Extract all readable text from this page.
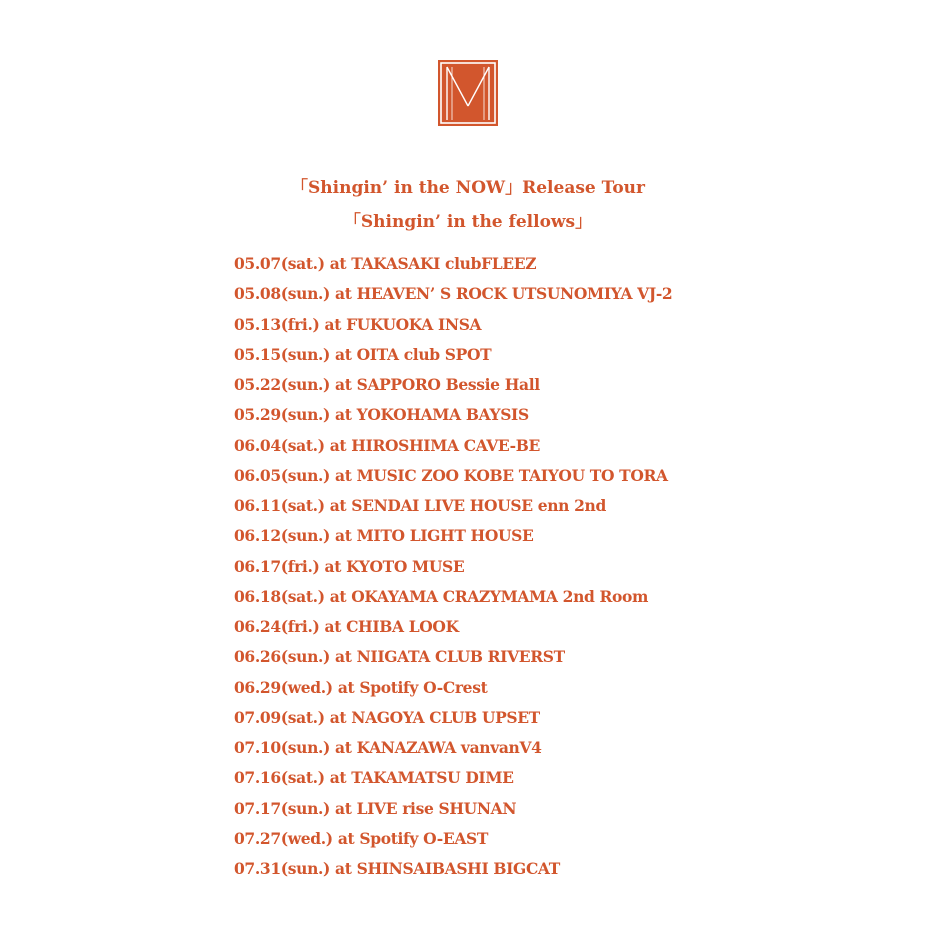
「Shingin’ in the NOW」Release Tour
「Shingin’ in the fellows」
05.07(sat.) at TAKASAKI clubFLEEZ
05.08(sun.) at HEAVEN’ S ROCK UTSUNOMIYA VJ-2
05.13(fri.) at FUKUOKA INSA
05.15(sun.) at OITA club SPOT
05.22(sun.) at SAPPORO Bessie Hall
05.29(sun.) at YOKOHAMA BAYSIS
06.04(sat.) at HIROSHIMA CAVE-BE
06.05(sun.) at MUSIC ZOO KOBE TAIYOU TO TORA
06.11(sat.) at SENDAI LIVE HOUSE enn 2nd
06.12(sun.) at MITO LIGHT HOUSE
06.17(fri.) at KYOTO MUSE
06.18(sat.) at OKAYAMA CRAZYMAMA 2nd Room
06.24(fri.) at CHIBA LOOK
06.26(sun.) at NIIGATA CLUB RIVERST
06.29(wed.) at Spotify O-Crest
07.09(sat.) at NAGOYA CLUB UPSET
07.10(sun.) at KANAZAWA vanvanV4
07.16(sat.) at TAKAMATSU DIME
07.17(sun.) at LIVE rise SHUNAN
07.27(wed.) at Spotify O-EAST
07.31(sun.) at SHINSAIBASHI BIGCAT
